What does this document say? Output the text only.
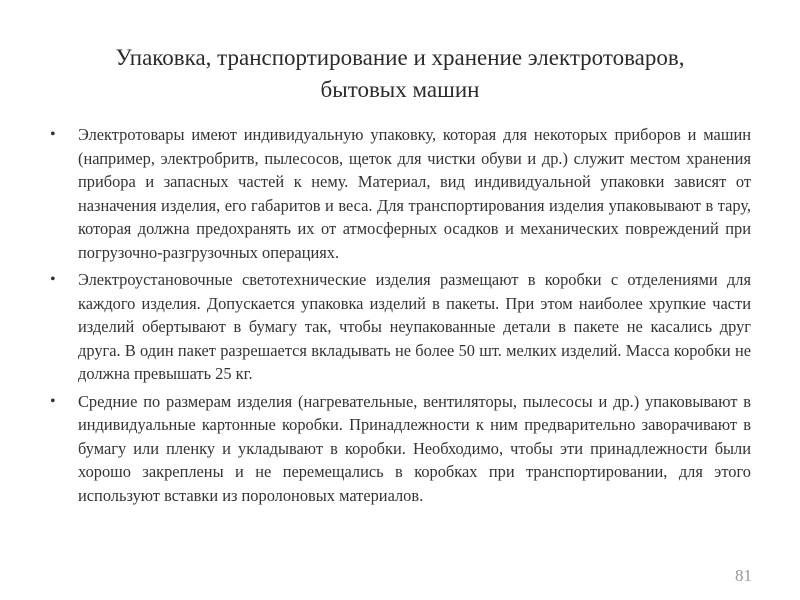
Упаковка, транспортирование и хранение электротоваров,
бытовых машин
• Электротовары имеют индивидуальную упаковку, которая для некоторых приборов и машин (например, электробритв, пылесосов, щеток для чистки обуви и др.) служит местом хранения прибора и запасных частей к нему. Материал, вид индивидуальной упаковки зависят от назначения изделия, его габаритов и веса. Для транспортирования изделия упаковывают в тару, которая должна предохранять их от атмосферных осадков и механических повреждений при погрузочно-разгрузочных операциях.
• Электроустановочные светотехнические изделия размещают в коробки с отделениями для каждого изделия. Допускается упаковка изделий в пакеты. При этом наиболее хрупкие части изделий обертывают в бумагу так, чтобы неупакованные детали в пакете не касались друг друга. В один пакет разрешается вкладывать не более 50 шт. мелких изделий. Масса коробки не должна превышать 25 кг.
• Средние по размерам изделия (нагревательные, вентиляторы, пылесосы и др.) упаковывают в индивидуальные картонные коробки. Принадлежности к ним предварительно заворачивают в бумагу или пленку и укладывают в коробки. Необходимо, чтобы эти принадлежности были хорошо закреплены и не перемещались в коробках при транспортировании, для этого используют вставки из поролоновых материалов.
81
